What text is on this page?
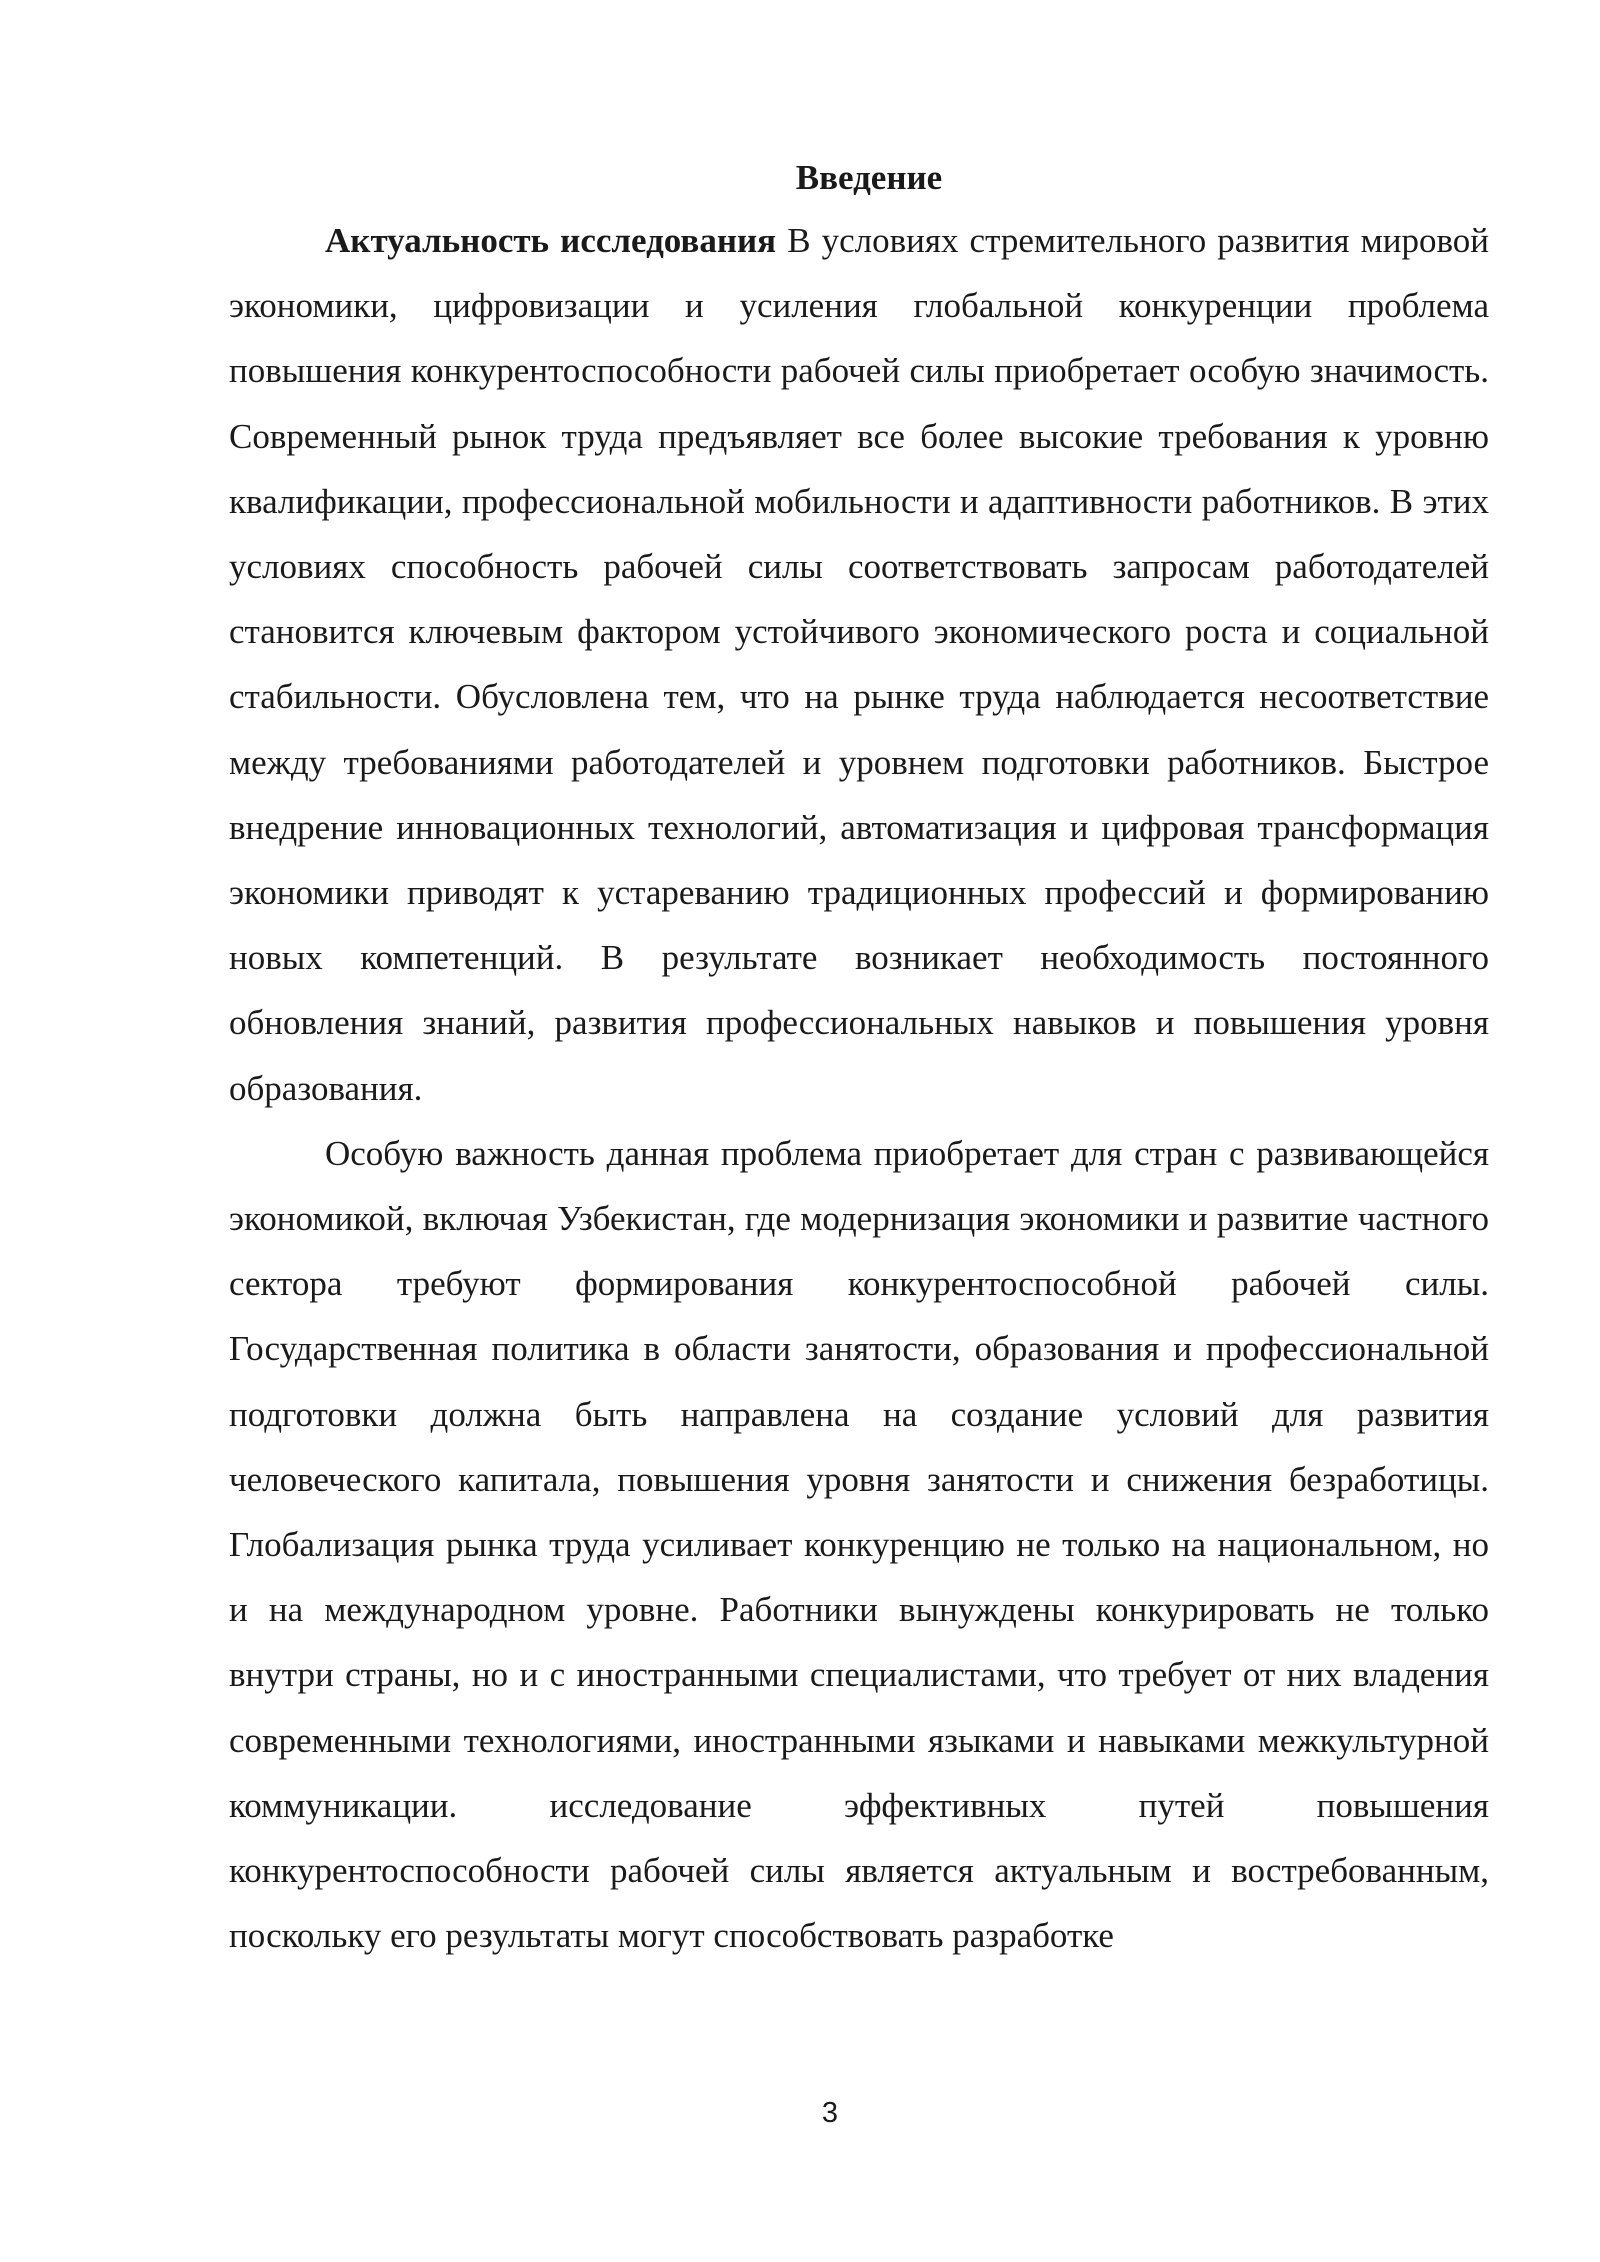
Введение

Актуальность исследования В условиях стремительного развития мировой экономики, цифровизации и усиления глобальной конкуренции проблема повышения конкурентоспособности рабочей силы приобретает особую значимость. Современный рынок труда предъявляет все более высокие требования к уровню квалификации, профессиональной мобильности и адаптивности работников. В этих условиях способность рабочей силы соответствовать запросам работодателей становится ключевым фактором устойчивого экономического роста и социальной стабильности. Обусловлена тем, что на рынке труда наблюдается несоответствие между требованиями работодателей и уровнем подготовки работников. Быстрое внедрение инновационных технологий, автоматизация и цифровая трансформация экономики приводят к устареванию традиционных профессий и формированию новых компетенций. В результате возникает необходимость постоянного обновления знаний, развития профессиональных навыков и повышения уровня образования.

Особую важность данная проблема приобретает для стран с развивающейся экономикой, включая Узбекистан, где модернизация экономики и развитие частного сектора требуют формирования конкурентоспособной рабочей силы. Государственная политика в области занятости, образования и профессиональной подготовки должна быть направлена на создание условий для развития человеческого капитала, повышения уровня занятости и снижения безработицы. Глобализация рынка труда усиливает конкуренцию не только на национальном, но и на международном уровне. Работники вынуждены конкурировать не только внутри страны, но и с иностранными специалистами, что требует от них владения современными технологиями, иностранными языками и навыками межкультурной коммуникации. исследование эффективных путей повышения конкурентоспособности рабочей силы является актуальным и востребованным, поскольку его результаты могут способствовать разработке

3
